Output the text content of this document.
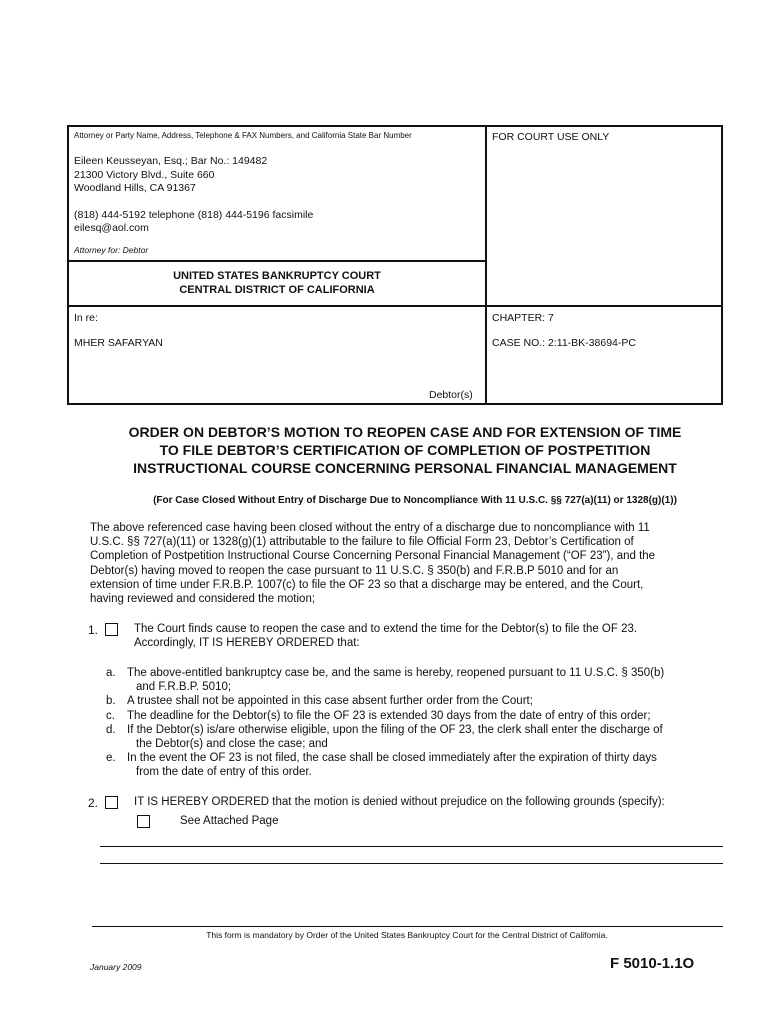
Attorney or Party Name, Address, Telephone & FAX Numbers, and California State Bar Number
Eileen Keusseyan, Esq.; Bar No.: 149482
21300 Victory Blvd., Suite 660
Woodland Hills, CA 91367
(818) 444-5192 telephone (818) 444-5196 facsimile
eilesq@aol.com
Attorney for: Debtor
FOR COURT USE ONLY
UNITED STATES BANKRUPTCY COURT
CENTRAL DISTRICT OF CALIFORNIA
In re:
MHER SAFARYAN
Debtor(s)
CHAPTER: 7
CASE NO.: 2:11-BK-38694-PC
ORDER ON DEBTOR’S MOTION TO REOPEN CASE AND FOR EXTENSION OF TIME
TO FILE DEBTOR’S CERTIFICATION OF COMPLETION OF POSTPETITION
INSTRUCTIONAL COURSE CONCERNING PERSONAL FINANCIAL MANAGEMENT
(For Case Closed Without Entry of Discharge Due to Noncompliance With 11 U.S.C. §§ 727(a)(11) or 1328(g)(1))
The above referenced case having been closed without the entry of a discharge due to noncompliance with 11
U.S.C. §§ 727(a)(11) or 1328(g)(1) attributable to the failure to file Official Form 23, Debtor’s Certification of
Completion of Postpetition Instructional Course Concerning Personal Financial Management (“OF 23”), and the
Debtor(s) having moved to reopen the case pursuant to 11 U.S.C. § 350(b) and F.R.B.P 5010 and for an
extension of time under F.R.B.P. 1007(c) to file the OF 23 so that a discharge may be entered, and the Court,
having reviewed and considered the motion;
1.	The Court finds cause to reopen the case and to extend the time for the Debtor(s) to file the OF 23.
Accordingly, IT IS HEREBY ORDERED that:
a. The above-entitled bankruptcy case be, and the same is hereby, reopened pursuant to 11 U.S.C. § 350(b)
and F.R.B.P. 5010;
b. A trustee shall not be appointed in this case absent further order from the Court;
c.	The deadline for the Debtor(s) to file the OF 23 is extended 30 days from the date of entry of this order;
d. If the Debtor(s) is/are otherwise eligible, upon the filing of the OF 23, the clerk shall enter the discharge of
the Debtor(s) and close the case; and
e. In the event the OF 23 is not filed, the case shall be closed immediately after the expiration of thirty days
from the date of entry of this order.
2.	IT IS HEREBY ORDERED that the motion is denied without prejudice on the following grounds (specify):
See Attached Page
This form is mandatory by Order of the United States Bankruptcy Court for the Central District of California.
January 2009	F 5010-1.1O
